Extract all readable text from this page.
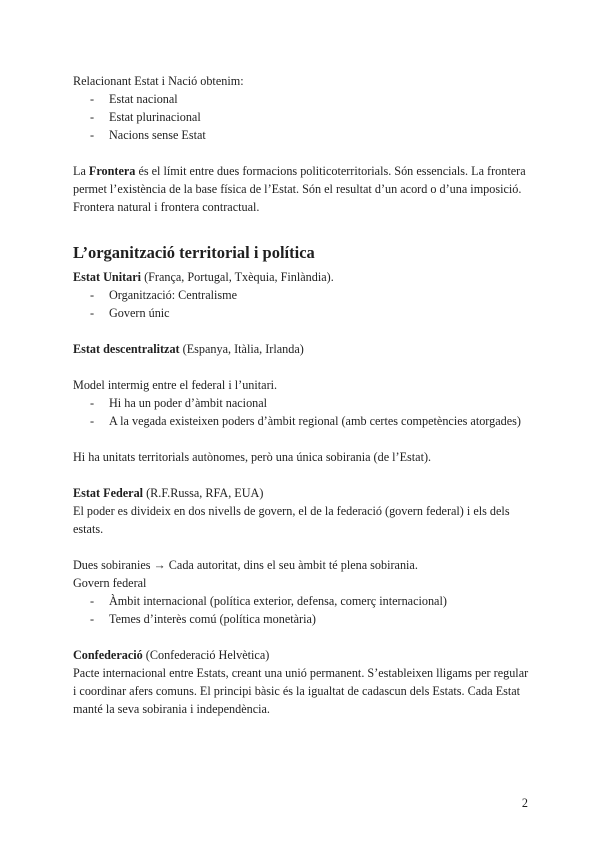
Relacionant Estat i Nació obtenim:

- Estat nacional
- Estat plurinacional
- Nacions sense Estat

La Frontera és el límit entre dues formacions politicoterritorials. Són essencials. La frontera permet l’existència de la base física de l’Estat. Són el resultat d’un acord o d’una imposició. Frontera natural i frontera contractual.

L’organització territorial i política

Estat Unitari (França, Portugal, Txèquia, Finlàndia).

- Organització: Centralisme
- Govern únic

Estat descentralitzat (Espanya, Itàlia, Irlanda)

Model intermig entre el federal i l’unitari.

- Hi ha un poder d’àmbit nacional
- A la vegada existeixen poders d’àmbit regional (amb certes competències atorgades)

Hi ha unitats territorials autònomes, però una única sobirania (de l’Estat).

Estat Federal (R.F.Russa, RFA, EUA)

El poder es divideix en dos nivells de govern, el de la federació (govern federal) i els dels estats.

Dues sobiranies → Cada autoritat, dins el seu àmbit té plena sobirania.

Govern federal

- Àmbit internacional (política exterior, defensa, comerç internacional)
- Temes d’interès comú (política monetària)

Confederació (Confederació Helvètica)

Pacte internacional entre Estats, creant una unió permanent. S’estableixen lligams per regular i coordinar afers comuns. El principi bàsic és la igualtat de cadascun dels Estats. Cada Estat manté la seva sobirania i independència.

2
